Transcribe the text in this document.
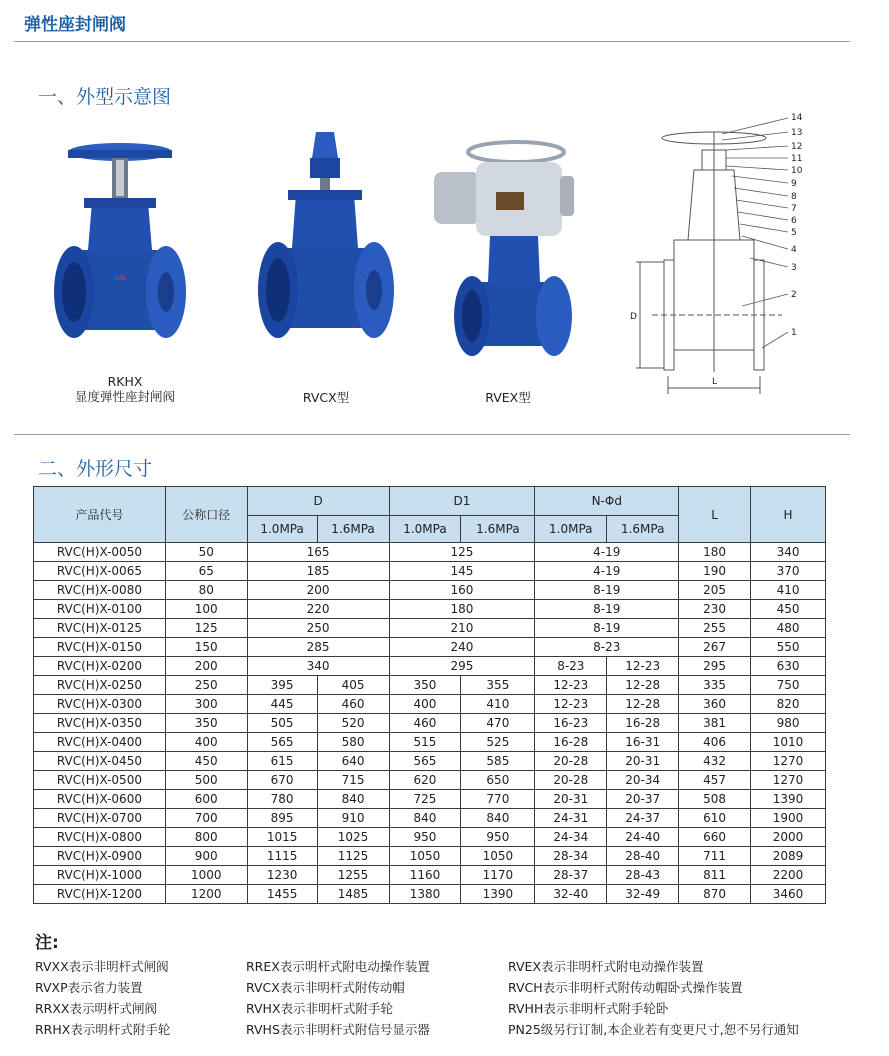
弹性座封闸阀
一、外型示意图
DN
RKHX
显度弹性座封闸阀	RVCX型	RVEX型
14
13
12
11
10
9
8
7
6
5
4
3
2
1
D
L
二、外形尺寸
产品代号	公称口径	D		D1		N-Φd		L	H
		1.0MPa	1.6MPa	1.0MPa	1.6MPa	1.0MPa	1.6MPa		
RVC(H)X-0050	50	165		125		4-19		180	340
RVC(H)X-0065	65	185		145		4-19		190	370
RVC(H)X-0080	80	200		160		8-19		205	410
RVC(H)X-0100	100	220		180		8-19		230	450
RVC(H)X-0125	125	250		210		8-19		255	480
RVC(H)X-0150	150	285		240		8-23		267	550
RVC(H)X-0200	200	340		295		8-23	12-23	295	630
RVC(H)X-0250	250	395	405	350	355	12-23	12-28	335	750
RVC(H)X-0300	300	445	460	400	410	12-23	12-28	360	820
RVC(H)X-0350	350	505	520	460	470	16-23	16-28	381	980
RVC(H)X-0400	400	565	580	515	525	16-28	16-31	406	1010
RVC(H)X-0450	450	615	640	565	585	20-28	20-31	432	1270
RVC(H)X-0500	500	670	715	620	650	20-28	20-34	457	1270
RVC(H)X-0600	600	780	840	725	770	20-31	20-37	508	1390
RVC(H)X-0700	700	895	910	840	840	24-31	24-37	610	1900
RVC(H)X-0800	800	1015	1025	950	950	24-34	24-40	660	2000
RVC(H)X-0900	900	1115	1125	1050	1050	28-34	28-40	711	2089
RVC(H)X-1000	1000	1230	1255	1160	1170	28-37	28-43	811	2200
RVC(H)X-1200	1200	1455	1485	1380	1390	32-40	32-49	870	3460
注:
RVXX表示非明杆式闸阀	RREX表示明杆式附电动操作装置	RVEX表示非明杆式附电动操作装置
RVXP表示省力装置	RVCX表示非明杆式附传动帽	RVCH表示非明杆式附传动帽卧式操作装置
RRXX表示明杆式闸阀	RVHX表示非明杆式附手轮	RVHH表示非明杆式附手轮卧
RRHX表示明杆式附手轮	RVHS表示非明杆式附信号显示器	PN25级另行订制,本企业若有变更尺寸,恕不另行通知
